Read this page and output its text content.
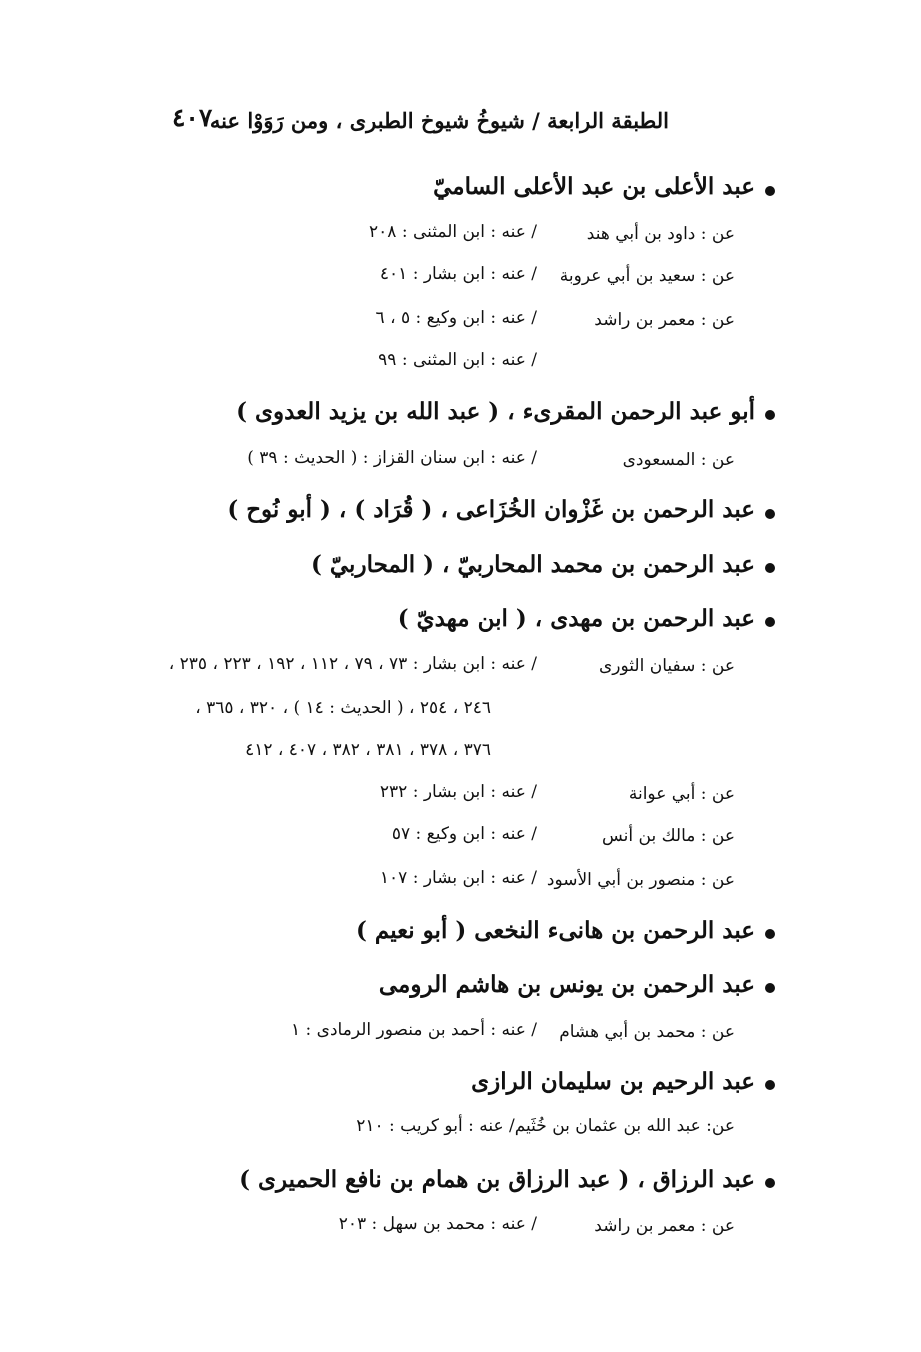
الطبقة الرابعة / شيوخُ شيوخ الطبرى ، ومن رَوَوْا عنه
٤٠٧
عبد الأعلى بن عبد الأعلى الساميّ
عن : داود بن أبي هند
/ عنه : ابن المثنى : ٢٠٨
عن : سعيد بن أبي عروبة
/ عنه : ابن بشار : ٤٠١
عن : معمر بن راشد
/ عنه : ابن وكيع : ٥ ، ٦
/ عنه : ابن المثنى : ٩٩
أبو عبد الرحمن المقرىء ، ( عبد الله بن يزيد العدوى )
عن : المسعودى
/ عنه : ابن سنان القزاز : ( الحديث : ٣٩ )
عبد الرحمن بن غَزْوان الخُزَاعى ، ( قُرَاد ) ، ( أبو نُوح )
عبد الرحمن بن محمد المحاربيّ ، ( المحاربيّ )
عبد الرحمن بن مهدى ، ( ابن مهديّ )
عن : سفيان الثورى
/ عنه : ابن بشار : ٧٣ ، ٧٩ ، ١١٢ ، ١٩٢ ، ٢٢٣ ، ٢٣٥ ،
٢٤٦ ، ٢٥٤ ، ( الحديث : ١٤ ) ، ٣٢٠ ، ٣٦٥ ،
٣٧٦ ، ٣٧٨ ، ٣٨١ ، ٣٨٢ ، ٤٠٧ ، ٤١٢
عن : أبي عوانة
/ عنه : ابن بشار : ٢٣٢
عن : مالك بن أنس
/ عنه : ابن وكيع : ٥٧
عن : منصور بن أبي الأسود
/ عنه : ابن بشار : ١٠٧
عبد الرحمن بن هانىء النخعى ( أبو نعيم )
عبد الرحمن بن يونس بن هاشم الرومى
عن : محمد بن أبي هشام
/ عنه : أحمد بن منصور الرمادى : ١
عبد الرحيم بن سليمان الرازى
عن: عبد الله بن عثمان بن خُثَيم/ عنه : أبو كريب : ٢١٠
عبد الرزاق ، ( عبد الرزاق بن همام بن نافع الحميرى )
عن : معمر بن راشد
/ عنه : محمد بن سهل : ٢٠٣
